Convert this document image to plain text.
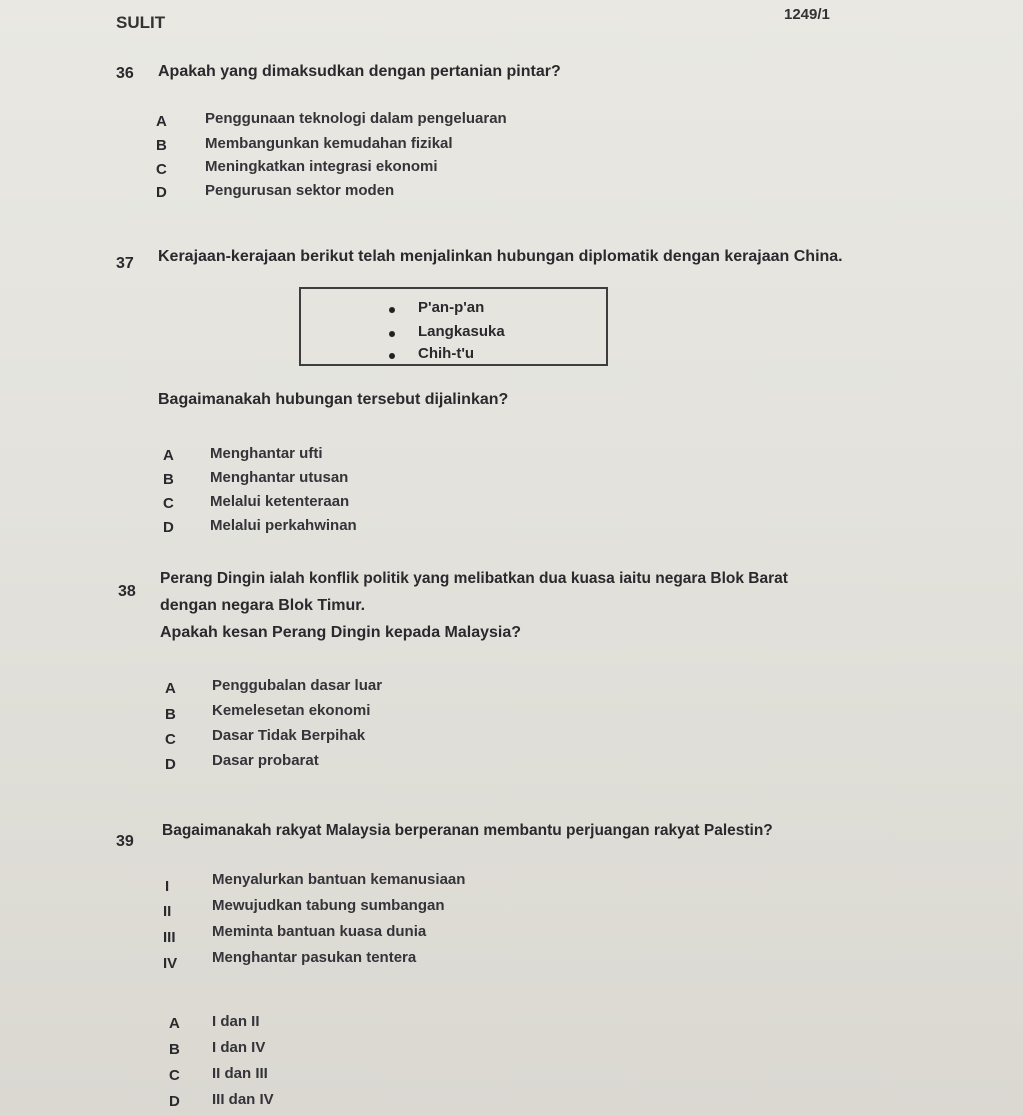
SULIT	1249/1
36 Apakah yang dimaksudkan dengan pertanian pintar?
A	Penggunaan teknologi dalam pengeluaran
B	Membangunkan kemudahan fizikal
C	Meningkatkan integrasi ekonomi
D	Pengurusan sektor moden
37 Kerajaan-kerajaan berikut telah menjalinkan hubungan diplomatik dengan kerajaan China.
P'an-p'an
Langkasuka
Chih-t'u
Bagaimanakah hubungan tersebut dijalinkan?
A Menghantar ufti
B Menghantar utusan
C Melalui ketenteraan
D Melalui perkahwinan
38
Perang Dingin ialah konflik politik yang melibatkan dua kuasa iaitu negara Blok Barat
dengan negara Blok Timur.
Apakah kesan Perang Dingin kepada Malaysia?
A Penggubalan dasar luar
B Kemelesetan ekonomi
C Dasar Tidak Berpihak
D Dasar probarat
39
Bagaimanakah rakyat Malaysia berperanan membantu perjuangan rakyat Palestin?
I	Menyalurkan bantuan kemanusiaan
II	Mewujudkan tabung sumbangan
III Meminta bantuan kuasa dunia
IV Menghantar pasukan tentera
A I dan II
B I dan IV
C II dan III
D III dan IV
